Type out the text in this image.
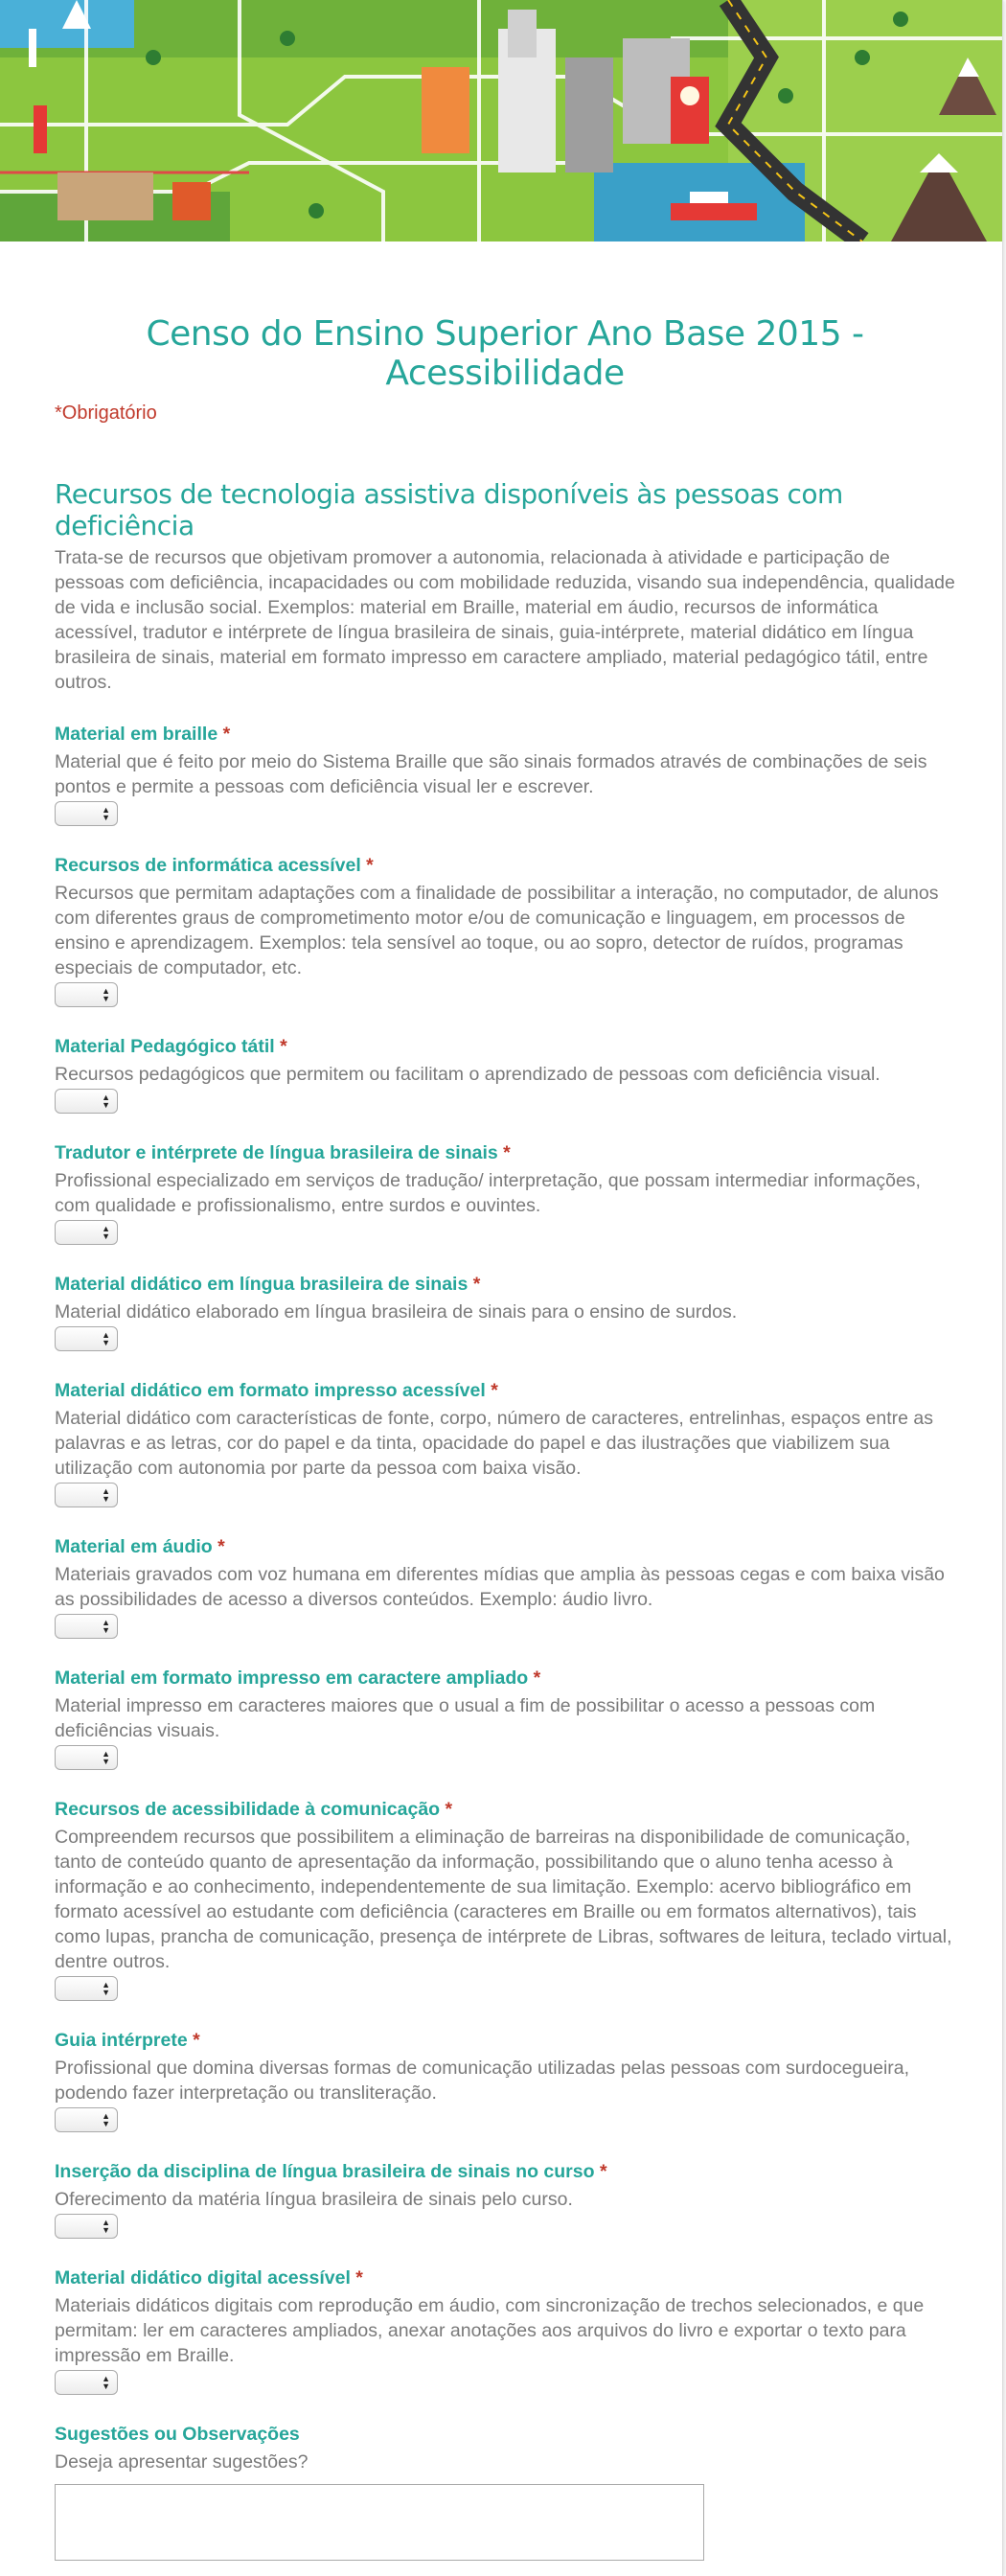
Censo do Ensino Superior Ano Base 2015 - Acessibilidade
*Obrigatório
Recursos de tecnologia assistiva disponíveis às pessoas com deficiência
Trata-se de recursos que objetivam promover a autonomia, relacionada à atividade e participação de pessoas com deficiência, incapacidades ou com mobilidade reduzida, visando sua independência, qualidade de vida e inclusão social. Exemplos: material em Braille, material em áudio, recursos de informática acessível, tradutor e intérprete de língua brasileira de sinais, guia-intérprete, material didático em língua brasileira de sinais, material em formato impresso em caractere ampliado, material pedagógico tátil, entre outros.
Material em braille *
Material que é feito por meio do Sistema Braille que são sinais formados através de combinações de seis pontos e permite a pessoas com deficiência visual ler e escrever.
▲
▼
Recursos de informática acessível *
Recursos que permitam adaptações com a finalidade de possibilitar a interação, no computador, de alunos com diferentes graus de comprometimento motor e/ou de comunicação e linguagem, em processos de ensino e aprendizagem. Exemplos: tela sensível ao toque, ou ao sopro, detector de ruídos, programas especiais de computador, etc.
▲
▼
Material Pedagógico tátil *
Recursos pedagógicos que permitem ou facilitam o aprendizado de pessoas com deficiência visual.
▲
▼
Tradutor e intérprete de língua brasileira de sinais *
Profissional especializado em serviços de tradução/ interpretação, que possam intermediar informações, com qualidade e profissionalismo, entre surdos e ouvintes.
▲
▼
Material didático em língua brasileira de sinais *
Material didático elaborado em língua brasileira de sinais para o ensino de surdos.
▲
▼
Material didático em formato impresso acessível *
Material didático com características de fonte, corpo, número de caracteres, entrelinhas, espaços entre as palavras e as letras, cor do papel e da tinta, opacidade do papel e das ilustrações que viabilizem sua utilização com autonomia por parte da pessoa com baixa visão.
▲
▼
Material em áudio *
Materiais gravados com voz humana em diferentes mídias que amplia às pessoas cegas e com baixa visão as possibilidades de acesso a diversos conteúdos. Exemplo: áudio livro.
▲
▼
Material em formato impresso em caractere ampliado *
Material impresso em caracteres maiores que o usual a fim de possibilitar o acesso a pessoas com deficiências visuais.
▲
▼
Recursos de acessibilidade à comunicação *
Compreendem recursos que possibilitem a eliminação de barreiras na disponibilidade de comunicação, tanto de conteúdo quanto de apresentação da informação, possibilitando que o aluno tenha acesso à informação e ao conhecimento, independentemente de sua limitação. Exemplo: acervo bibliográfico em formato acessível ao estudante com deficiência (caracteres em Braille ou em formatos alternativos), tais como lupas, prancha de comunicação, presença de intérprete de Libras, softwares de leitura, teclado virtual, dentre outros.
▲
▼
Guia intérprete *
Profissional que domina diversas formas de comunicação utilizadas pelas pessoas com surdocegueira, podendo fazer interpretação ou transliteração.
▲
▼
Inserção da disciplina de língua brasileira de sinais no curso *
Oferecimento da matéria língua brasileira de sinais pelo curso.
▲
▼
Material didático digital acessível *
Materiais didáticos digitais com reprodução em áudio, com sincronização de trechos selecionados, e que permitam: ler em caracteres ampliados, anexar anotações aos arquivos do livro e exportar o texto para impressão em Braille.
▲
▼
Sugestões ou Observações
Deseja apresentar sugestões?
